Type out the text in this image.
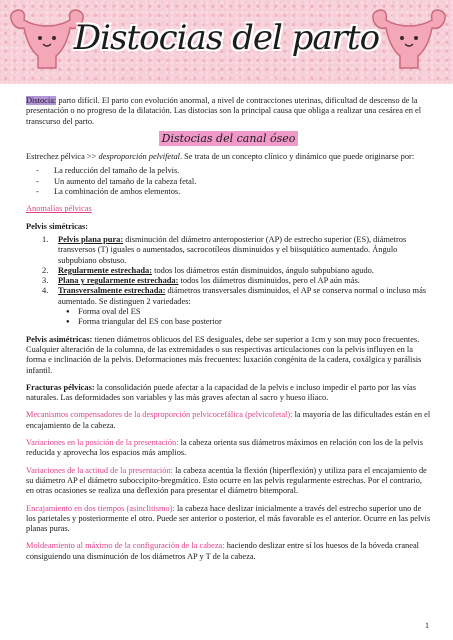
Distocias del parto

Distocia: parto difícil. El parto con evolución anormal, a nivel de contracciones uterinas, dificultad de descenso de la presentación o no progreso de la dilatación. Las distocias son la principal causa que obliga a realizar una cesárea en el transcurso del parto.

Distocias del canal óseo

Estrechez pélvica >> desproporción pelvifetal. Se trata de un concepto clínico y dinámico que puede originarse por:

- La reducción del tamaño de la pelvis.
- Un aumento del tamaño de la cabeza fetal.
- La combinación de ambos elementos.

Anomalías pélvicas

Pelvis simétricas:

1. Pelvis plana pura: disminución del diámetro anteroposterior (AP) de estrecho superior (ES), diámetros transversos (T) iguales o aumentados, sacrocotíleos disminuidos y el biisquiático aumentado. Ángulo subpubiano obstuso.
2. Regularmente estrechada: todos los diámetros están disminuidos, ángulo subpubiano agudo.
3. Plana y regularmente estrechada: todos los diámetros disminuidos, pero el AP aún más.
4. Transversalmente estrechada: diámetros transversales disminuidos, el AP se conserva normal o incluso más aumentado. Se distinguen 2 variedades:
● Forma oval del ES
● Forma triangular del ES con base posterior

Pelvis asimétricas: tienen diámetros oblicuos del ES desiguales, debe ser superior a 1cm y son muy poco frecuentes. Cualquier alteración de la columna, de las extremidades o sus respectivas articulaciones con la pelvis influyen en la forma e inclinación de la pelvis. Deformaciones más frecuentes: luxación congénita de la cadera, coxálgica y parálisis infantil.

Fracturas pélvicas: la consolidación puede afectar a la capacidad de la pelvis e incluso impedir el parto por las vías naturales. Las deformidades son variables y las más graves afectan al sacro y hueso ilíaco.

Mecanismos compensadores de la desproporción pelvicocefálica (pelvicofetal): la mayoría de las dificultades están en el encajamiento de la cabeza.

Variaciones en la posición de la presentación: la cabeza orienta sus diámetros máximos en relación con los de la pelvis reducida y aprovecha los espacios más amplios.

Variaciones de la actitud de la presentación: la cabeza acentúa la flexión (hiperflexión) y utiliza para el encajamiento de su diámetro AP el diámetro suboccipito-bregmático. Esto ocurre en las pelvis regularmente estrechas. Por el contrario, en otras ocasiones se realiza una deflexión para presentar el diámetro bitemporal.

Encajamiento en dos tiempos (asinclitismo): la cabeza hace deslizar inicialmente a través del estrecho superior uno de los parietales y posteriormente el otro. Puede ser anterior o posterior, el más favorable es el anterior. Ocurre en las pelvis planas puras.

Moldeamiento al máximo de la configuración de la cabeza: haciendo deslizar entre sí los huesos de la bóveda craneal consiguiendo una disminución de los diámetros AP y T de la cabeza.

1
